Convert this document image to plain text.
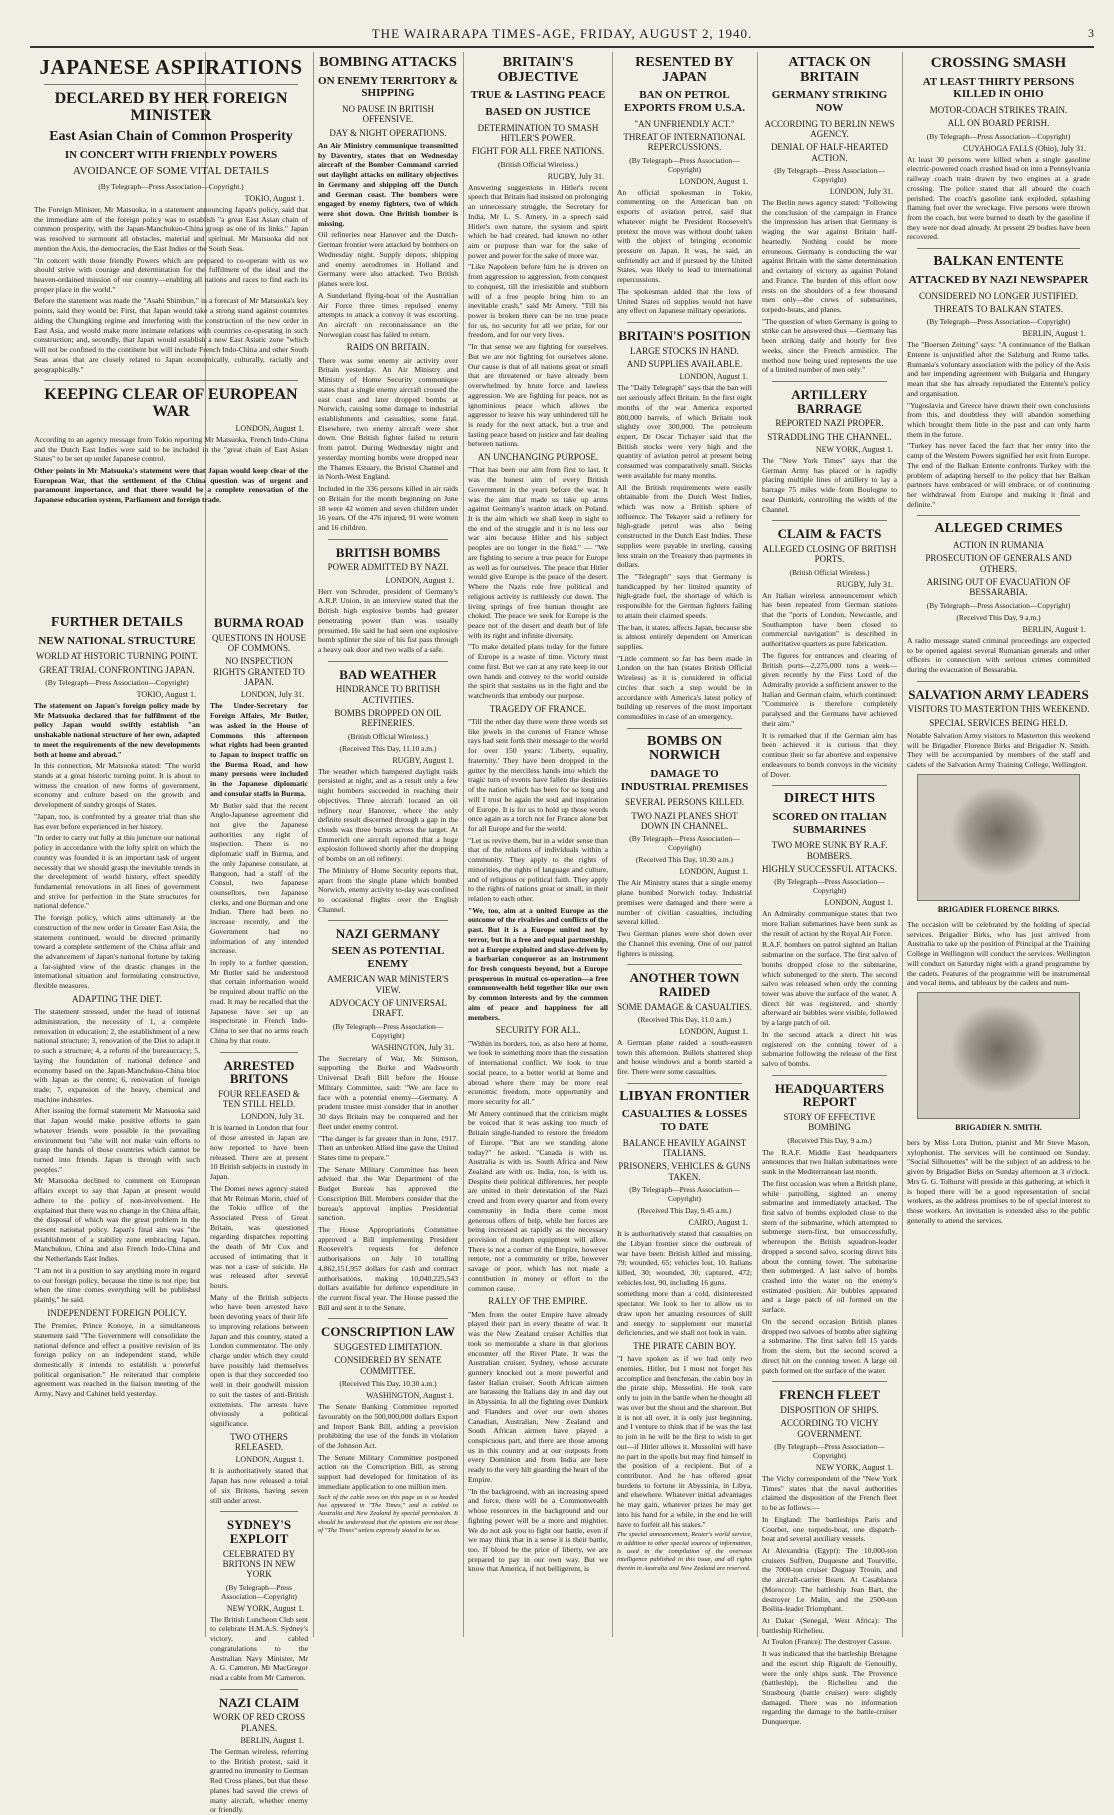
THE WAIRARAPA TIMES-AGE, FRIDAY, AUGUST 2, 1940.	3
JAPANESE ASPIRATIONS
DECLARED BY HER FOREIGN MINISTER
East Asian Chain of Common Prosperity
IN CONCERT WITH FRIENDLY POWERS
AVOIDANCE OF SOME VITAL DETAILS
(By Telegraph—Press Association—Copyright.)
TOKIO, August 1.
The Foreign Minister, Mr Matsuoka, in a statement announcing Japan's policy, said that the immediate aim of the foreign policy was to establish "a great East Asian chain of common prosperity, with the Japan-Manchukuo-China group as one of its links." Japan was resolved to surmount all obstacles, material and spiritual. Mr Matsuoka did not mention the Axis, the democracies, the East Indies or the South Seas.
"In concert with those friendly Powers which are prepared to co-operate with us we should strive with courage and determination for the fulfilment of the ideal and the heaven-ordained mission of our country—enabling all nations and races to find each its proper place in the world."
Before the statement was made the "Asahi Shimbun," in a forecast of Mr Matsuoka's key points, said they would be: First, that Japan would take a strong stand against countries aiding the Chungking regime and interfering with the construction of the new order in East Asia, and would make more intimate relations with countries co-operating in such construction; and, secondly, that Japan would establish a new East Asiatic zone "which will not be confined to the continent but will include French Indo-China and other South Seas areas that are closely related to Japan economically, culturally, racially and geographically."
KEEPING CLEAR OF EUROPEAN WAR
LONDON, August 1.
According to an agency message from Tokio reporting Mr Matsuoka, French Indo-China and the Dutch East Indies were said to be included in the "great chain of East Asian States" to be set up under Japanese control.
Other points in Mr Matsuoka's statement were that Japan would keep clear of the European War, that the settlement of the China question was of urgent and paramount importance, and that there would be a complete renovation of the Japanese education system, Parliament and foreign trade.
FURTHER DETAILS
NEW NATIONAL STRUCTURE
WORLD AT HISTORIC TURNING POINT.
GREAT TRIAL CONFRONTING JAPAN.
(By Telegraph—Press Association—Copyright)
TOKIO, August 1.
The statement on Japan's foreign policy made by Mr Matsuoka declared that for fulfilment of the policy Japan would swiftly establish "an unshakable national structure of her own, adapted to meet the requirements of the new developments both at home and abroad."
In this connection, Mr Matsuoka stated: "The world stands at a great historic turning point. It is about to witness the creation of new forms of government, economy and culture based on the growth and development of sundry groups of States.
"Japan, too, is confronted by a greater trial than she has ever before experienced in her history.
"In order to carry out fully at this juncture our national policy in accordance with the lofty spirit on which the country was founded it is an important task of urgent necessity that we should grasp the inevitable trends in the development of world history, effect speedily fundamental renovations in all lines of government and strive for perfection in the State structures for national defence."
The foreign policy, which aims ultimately at the construction of the new order in Greater East Asia, the statement continued, would be directed primarily toward a complete settlement of the China affair and the advancement of Japan's national fortune by taking a far-sighted view of the drastic changes in the international situation and formulating constructive, flexible measures.
ADAPTING THE DIET.
The statement stressed, under the head of internal administration, the necessity of 1, a complete renovation in education; 2, the establishment of a new national structure; 3, renovation of the Diet to adapt it to such a structure; 4, a reform of the bureaucracy; 5, laying the foundation of national defence and economy based on the Japan-Manchukuo-China bloc with Japan as the centre; 6, renovation of foreign trade; 7, expansion of the heavy, chemical and machine industries.
After issuing the formal statement Mr Matsuoka said that Japan would make positive efforts to gain whatever friends were possible in the prevailing environment but "she will not make vain efforts to grasp the hands of those countries which cannot be turned into friends. Japan is through with such peoples."
Mr Matsuoka declined to comment on European affairs except to say that Japan at present would adhere to the policy of non-involvement. He explained that there was no change in the China affair, the disposal of which was the great problem in the present national policy. Japan's final aim was "the establishment of a stability zone embracing Japan, Manchukuo, China and also French Indo-China and the Netherlands East Indies.
"I am not in a position to say anything more in regard to our foreign policy, because the time is not ripe; but when the time comes everything will be published plainly," he said.
INDEPENDENT FOREIGN POLICY.
The Premier, Prince Konoye, in a simultaneous statement said "The Government will consolidate the national defence and effect a positive revision of its foreign policy on an independent stand, while domestically it intends to establish a powerful political organisation." He reiterated that complete agreement was reached in the liaison meeting of the Army, Navy and Cabinet held yesterday.
BURMA ROAD
QUESTIONS IN HOUSE OF COMMONS.
NO INSPECTION RIGHTS GRANTED TO JAPAN.
LONDON, July 31.
The Under-Secretary for Foreign Affairs, Mr Butler, was asked in the House of Commons this afternoon what rights had been granted to Japan to inspect traffic on the Burma Road, and how many persons were included in the Japanese diplomatic and consular staffs in Burma.
Mr Butler said that the recent Anglo-Japanese agreement did not give the Japanese authorities any right of inspection. There is no diplomatic staff in Burma, and the only Japanese consulate, at Rangoon, had a staff of the Consul, two Japanese counsellors, two Japanese clerks, and one Burman and one Indian. There had been no increase recently, and the Government had no information of any intended increase.
In reply to a further question, Mr Butler said he understood that certain information would be required about traffic on the road. It may be recalled that the Japanese have set up an inspectorate in French Indo-China to see that no arms reach China by that route.
ARRESTED BRITONS
FOUR RELEASED & TEN STILL HELD.
LONDON, July 31.
It is learned in London that four of those arrested in Japan are now reported to have been released. There are at present 10 British subjects in custody in Japan.
The Domei news agency stated that Mr Reiman Morin, chief of the Tokio office of the Associated Press of Great Britain, was questioned regarding dispatches reporting the death of Mr Cox and accused of intimating that it was not a case of suicide. He was released after several hours.
Many of the British subjects who have been arrested have been devoting years of their life to improving relations between Japan and this country, stated a London commentator. The only charge under which they could have possibly laid themselves open is that they succeeded too well in their goodwill mission to suit the tastes of anti-British extremists. The arrests have obviously a political significance.
TWO OTHERS RELEASED.
LONDON, August 1.
It is authoritatively stated that Japan has now released a total of six Britons, having seven still under arrest.
SYDNEY'S EXPLOIT
CELEBRATED BY BRITONS IN NEW YORK
(By Telegraph—Press Association—Copyright)
NEW YORK, August 1.
The British Luncheon Club sent to celebrate H.M.A.S. Sydney's victory, and cabled congratulations to the Australian Navy Minister, Mr A. G. Cameron. Mr MacGregor read a cable from Mr Cameron.
NAZI CLAIM
WORK OF RED CROSS PLANES.
BERLIN, August 1.
The German wireless, referring to the British protest, said it granted no immunity to German Red Cross planes, but that these planes had saved the crews of many aircraft, whether enemy or friendly.
BOMBING ATTACKS
ON ENEMY TERRITORY & SHIPPING
NO PAUSE IN BRITISH OFFENSIVE.
DAY & NIGHT OPERATIONS.
An Air Ministry communique transmitted by Daventry, states that on Wednesday aircraft of the Bomber Command carried out daylight attacks on military objectives in Germany and shipping off the Dutch and German coast. The bombers were engaged by enemy fighters, two of which were shot down. One British bomber is missing.
Oil refineries near Hanover and the Dutch-German frontier were attacked by bombers on Wednesday night. Supply depots, shipping and enemy aerodromes in Holland and Germany were also attacked. Two British planes were lost.
A Sunderland flying-boat of the Australian Air Force three times repulsed enemy attempts to attack a convoy it was escorting. An aircraft on reconnaissance on the Norwegian coast has failed to return.
RAIDS ON BRITAIN.
There was some enemy air activity over Britain yesterday. An Air Ministry and Ministry of Home Security communique states that a single enemy aircraft crossed the east coast and later dropped bombs at Norwich, causing some damage to industrial establishments and casualties, some fatal. Elsewhere, two enemy aircraft were shot down. One British fighter failed to return from patrol. During Wednesday night and yesterday morning bombs were dropped near the Thames Estuary, the Bristol Channel and in North-West England.
Included in the 336 persons killed in air raids on Britain for the month beginning on June 18 were 42 women and seven children under 16 years. Of the 476 injured, 91 were women and 16 children.
BRITISH BOMBS
POWER ADMITTED BY NAZI.
LONDON, August 1.
Herr von Schroder, president of Germany's A.R.P. Union, in an interview stated that the British high explosive bombs had greater penetrating power than was usually presumed. He said he had seen one explosive bomb splinter the size of his fist pass through a heavy oak door and two walls of a safe.
BAD WEATHER
HINDRANCE TO BRITISH ACTIVITIES.
BOMBS DROPPED ON OIL REFINERIES.
(British Official Wireless.)
(Received This Day, 11.10 a.m.)
RUGBY, August 1.
The weather which hampered daylight raids persisted at night, and as a result only a few night bombers succeeded in reaching their objectives. Three aircraft located an oil refinery near Hanover, where the only definite result discerned through a gap in the clouds was three bursts across the target. At Emmerich one aircraft reported that a huge explosion followed shortly after the dropping of bombs on an oil refinery.
The Ministry of Home Security reports that, apart from the single plane which bombed Norwich, enemy activity to-day was confined to occasional flights over the English Channel.
NAZI GERMANY
SEEN AS POTENTIAL ENEMY
AMERICAN WAR MINISTER'S VIEW.
ADVOCACY OF UNIVERSAL DRAFT.
(By Telegraph—Press Association—Copyright)
WASHINGTON, July 31.
The Secretary of War, Mr Stimson, supporting the Burke and Wadsworth Universal Draft Bill before the House Military Committee, said: "We are face to face with a potential enemy—Germany. A prudent trustee must consider that in another 30 days Britain may be conquered and her fleet under enemy control.
"The danger is far greater than in June, 1917. Then an unbroken Allied line gave the United States time to prepare."
The Senate Military Committee has been advised that the War Department of the Budget Bureau has approved the Conscription Bill. Members consider that the bureau's approval implies Presidential sanction.
The House Appropriations Committee approved a Bill implementing President Roosevelt's requests for defence authorisations on July 10 totalling 4,862,151,957 dollars for cash and contract authorisations, making 10,040,225,543 dollars available for defence expenditure in the current fiscal year. The House passed the Bill and sent it to the Senate.
CONSCRIPTION LAW
SUGGESTED LIMITATION.
CONSIDERED BY SENATE COMMITTEE.
(Received This Day, 10.30 a.m.)
WASHINGTON, August 1.
The Senate Banking Committee reported favourably on the 500,000,000 dollars Export and Import Bank Bill, adding a provision prohibiting the use of the funds in violation of the Johnson Act.
The Senate Military Committee postponed action on the Conscription Bill, as strong support had developed for limitation of its immediate application to one million men.
Such of the cable news on this page as is so headed has appeared in "The Times," and is cabled to Australia and New Zealand by special permission. It should be understood that the opinions are not those of "The Times" unless expressly stated to be so.
BRITAIN'S OBJECTIVE
TRUE & LASTING PEACE
BASED ON JUSTICE
DETERMINATION TO SMASH HITLER'S POWER.
FIGHT FOR ALL FREE NATIONS.
(British Official Wireless.)
RUGBY, July 31.
Answering suggestions in Hitler's recent speech that Britain had insisted on prolonging an unnecessary struggle, the Secretary for India, Mr L. S. Amery, in a speech said Hitler's own nature, the system and spirit which he had created, had known no other aim or purpose than war for the sake of power and power for the sake of more war.
"Like Napoleon before him he is driven on from aggression to aggression, from conquest to conquest, till the irresistible and stubborn will of a free people bring him to an inevitable crash," said Mr Amery. "Till his power is broken there can be no true peace for us, no security for all we prize, for our freedom, and for our very lives.
"In that sense we are fighting for ourselves. But we are not fighting for ourselves alone. Our cause is that of all nations great or small that are threatened or have already been overwhelmed by brute force and lawless aggression. We are fighting for peace, not as ignominious peace which allows the aggressor to leave his way unhindered till he is ready for the next attack, but a true and lasting peace based on justice and fair dealing between nations.
AN UNCHANGING PURPOSE.
"That has been our aim from first to last. It was the honest aim of every British Government in the years before the war. It was the aim that made us take up arms against Germany's wanton attack on Poland. It is the aim which we shall keep in sight to the end of the struggle and it is no less our war aim because Hitler and his subject peoples are no longer in the field." — "We are fighting to secure a true peace for Europe as well as for ourselves. The peace that Hitler would give Europe is the peace of the desert. Where the Nazis rule free political and religious activity is ruthlessly cut down. The living springs of free human thought are choked. The peace we seek for Europe is the peace not of the desert and death but of life with its right and infinite diversity.
"To make detailed plans today for the future of Europe is a waste of time. Victory must come first. But we can at any rate keep in our own hands and convey to the world outside the spirit that sustains us in the fight and the watchwords that embody our purpose.
TRAGEDY OF FRANCE.
"Till the other day there were three words set like jewels in the coronet of France whose rays had sent forth their message to the world for over 150 years: 'Liberty, equality, fraternity.' They have been dropped in the gutter by the merciless hands into which the tragic turn of events have fallen the destinies of the nation which has been for so long and will I trust be again the soul and inspiration of Europe. It is for us to hold up those words once again as a torch not for France alone but for all Europe and for the world.
"Let us revive them, but in a wider sense than that of the relations of individuals within a community. They apply to the rights of minorities, the rights of language and culture, and of religious or political faith. They apply to the rights of nations great or small, in their relation to each other.
"We, too, aim at a united Europe as the outcome of the rivalries and conflicts of the past. But it is a Europe united not by terror, but in a free and equal partnership, not a Europe exploited and slave-driven by a barbarian conqueror as an instrument for fresh conquests beyond, but a Europe prosperous in mutual co-operation—a free commonwealth held together like our own by common interests and by the common aim of peace and happiness for all members.
SECURITY FOR ALL.
"Within its borders, too, as also here at home, we look to something more than the cessation of international conflict. We look to true social peace, to a better world at home and abroad where there may be more real economic freedom, more opportunity and more security for all."
Mr Amery continued that the criticism might be voiced that it was asking too much of Britain single-handed to restore the freedom of Europe. "But are we standing alone today?" he asked. "Canada is with us. Australia is with us. South Africa and New Zealand are with us. India, too, is with us. Despite their political differences, her people are united in their detestation of the Nazi creed and from every quarter and from every community in India there come most generous offers of help, while her forces are being increased as rapidly as the necessary provision of modern equipment will allow. There is not a corner of the Empire, however remote, not a community or tribe, however savage or poor, which has not made a contribution in money or effort to the common cause.
RALLY OF THE EMPIRE.
"Men from the outer Empire have already played their part in every theatre of war. It was the New Zealand cruiser Achilles that took so memorable a share in that glorious encounter off the River Plate. It was the Australian cruiser, Sydney, whose accurate gunnery knocked out a more powerful and faster Italian cruiser. South African airmen are harassing the Italians day in and day out in Abyssinia. In all the fighting over Dunkirk and Flanders and over our own shores Canadian, Australian, New Zealand and South African airmen have played a conspicuous part, and there are those among us in this country and at our outposts from every Dominion and from India are here ready to the very hilt guarding the heart of the Empire.
"In the background, with an increasing speed and force, there will be a Commonwealth whose resources in the background and our fighting power will be a more and mightier. We do not ask you to fight our battle, even if we may think that in a sense it is their battle, too. If blood be the price of liberty, we are prepared to pay in our own way. But we know that America, if not belligerent, is
RESENTED BY JAPAN
BAN ON PETROL EXPORTS FROM U.S.A.
"AN UNFRIENDLY ACT."
THREAT OF INTERNATIONAL REPERCUSSIONS.
(By Telegraph—Press Association—Copyright)
LONDON, August 1.
An official spokesman in Tokio, commenting on the American ban on exports of aviation petrol, said that whatever might be President Roosevelt's pretext the move was without doubt taken with the object of bringing economic pressure on Japan. It was, he said, an unfriendly act and if pursued by the United States, was likely to lead to international repercussions.
The spokesman added that the loss of United States oil supplies would not have any effect on Japanese military operations.
BRITAIN'S POSITION
LARGE STOCKS IN HAND.
AND SUPPLIES AVAILABLE.
LONDON, August 1.
The "Daily Telegraph" says that the ban will not seriously affect Britain. In the first eight months of the war America exported 800,000 barrels, of which Britain took slightly over 300,000. The petroleum expert, Dr Oscar Tichayer said that the British stocks were very high and the quantity of aviation petrol at present being consumed was comparatively small. Stocks were available for many months.
All the British requirements were easily obtainable from the Dutch West Indies, which was now a British sphere of influence. The Tekayer said a refinery for high-grade petrol was also being constructed in the Dutch East Indies. These supplies were payable in sterling, causing less strain on the Treasury than payments in dollars.
The "Telegraph" says that Germany is handicapped by her limited quantity of high-grade fuel, the shortage of which is responsible for the German fighters failing to attain their claimed speeds.
The ban, it states, affects Japan, because she is almost entirely dependent on American supplies.
"Little comment so far has been made in London on the ban (states British Official Wireless) as it is considered in official circles that such a step would be in accordance with America's latest policy of building up reserves of the most important commodities in case of an emergency.
BOMBS ON NORWICH
DAMAGE TO INDUSTRIAL PREMISES
SEVERAL PERSONS KILLED.
TWO NAZI PLANES SHOT DOWN IN CHANNEL.
(By Telegraph—Press Association—Copyright)
(Received This Day, 10.30 a.m.)
LONDON, August 1.
The Air Ministry states that a single enemy plane bombed Norwich today. Industrial premises were damaged and there were a number of civilian casualties, including several killed.
Two German planes were shot down over the Channel this evening. One of our patrol fighters is missing.
ANOTHER TOWN RAIDED
SOME DAMAGE & CASUALTIES.
(Received This Day, 11.0 a.m.)
LONDON, August 1.
A German plane raided a south-eastern town this afternoon. Bullets shattered shop and house windows and a bomb started a fire. There were some casualties.
LIBYAN FRONTIER
CASUALTIES & LOSSES TO DATE
BALANCE HEAVILY AGAINST ITALIANS.
PRISONERS, VEHICLES & GUNS TAKEN.
(By Telegraph—Press Association—Copyright)
(Received This Day, 9.45 a.m.)
CAIRO, August 1.
It is authoritatively stated that casualties on the Libyan frontier since the outbreak of war have been: British killed and missing, 79; wounded, 65; vehicles lost, 10. Italians killed, 30; wounded, 30; captured, 472; vehicles lost, 90, including 16 guns.
something more than a cold, disinterested spectator. We look to her to allow us to draw upon her amazing resources of skill and energy to supplement our material deficiencies, and we shall not look in vain.
THE PIRATE CABIN BOY.
"I have spoken as if we had only two enemies, Hitler, but I must not forget his accomplice and henchman, the cabin boy in the pirate ship, Mussolini. He took care only to join in the battle when he thought all was over but the shout and the shareout. But it is not all over, it is only just beginning, and I venture to think that if he was the last to join in he will be the first to wish to get out—if Hitler allows it. Mussolini will have no part in the spoils but may find himself in the position of a recipient. But of a contributor. And he has offered great burdens to fortune in Abyssinia, in Libya, and elsewhere. Whatever initial advantages he may gain, whatever prizes he may get into his hand for a while, in the end he will have to forfeit all his stakes."
The special announcement, Reuter's world service, in addition to other special sources of information, is used in the compilation of the overseas intelligence published in this issue, and all rights therein in Australia and New Zealand are reserved.
ATTACK ON BRITAIN
GERMANY STRIKING NOW
ACCORDING TO BERLIN NEWS AGENCY.
DENIAL OF HALF-HEARTED ACTION.
(By Telegraph—Press Association—Copyright)
LONDON, July 31.
The Berlin news agency stated: "Following the conclusion of the campaign in France the impression has arisen that Germany is waging the war against Britain half-heartedly. Nothing could be more erroneous. Germany is conducting the war against Britain with the same determination and certainty of victory as against Poland and France. The burden of this effort now rests on the shoulders of a few thousand men only—the crews of submarines, torpedo-boats, and planes.
"The question of when Germany is going to strike can be answered thus —Germany has been striking daily and hourly for five weeks, since the French armistice. The method now being used represents the use of a limited number of men only."
ARTILLERY BARRAGE
REPORTED NAZI PROPER.
STRADDLING THE CHANNEL.
NEW YORK, August 1.
The "New York Times" says that the German Army has placed or is rapidly placing multiple lines of artillery to lay a barrage 75 miles wide from Boulogne to near Dunkirk, controlling the width of the Channel.
CLAIM & FACTS
ALLEGED CLOSING OF BRITISH PORTS.
(British Official Wireless.)
RUGBY, July 31.
An Italian wireless announcement which has been repeated from German stations that the "ports of London, Newcastle, and Southampton have been closed to commercial navigation" is described in authoritative quarters as pure fabrication.
The figures for entrances and clearing of British ports—2,275,000 tons a week—given recently by the First Lord of the Admiralty provide a sufficient answer to the Italian and German claim, which continued: "Commerce is therefore completely paralysed and the Germans have achieved their aim."
It is remarked that if the German aim has been achieved it is curious that they continue their so far abortive and expensive endeavours to bomb convoys in the vicinity of Dover.
DIRECT HITS
SCORED ON ITALIAN SUBMARINES
TWO MORE SUNK BY R.A.F. BOMBERS.
HIGHLY SUCCESSFUL ATTACKS.
(By Telegraph—Press Association—Copyright)
LONDON, August 1.
An Admiralty communique states that two more Italian submarines have been sunk as the result of action by the Royal Air Force.
R.A.F. bombers on patrol sighted an Italian submarine on the surface. The first salvo of bombs dropped close to the submarine, which submerged to the stern. The second salvo was released when only the conning tower was above the surface of the water. A direct hit was registered, and shortly afterward air bubbles were visible, followed by a large patch of oil.
In the second attack a direct hit was registered on the conning tower of a submarine following the release of the first salvo of bombs.
HEADQUARTERS REPORT
STORY OF EFFECTIVE BOMBING
(Received This Day, 9 a.m.)
The R.A.F. Middle East headquarters announces that two Italian submarines were sunk in the Mediterranean last month.
The first occasion was when a British plane, while patrolling, sighted an enemy submarine and immediately attacked. The first salvo of bombs exploded close to the stern of the submarine, which attempted to submerge stern-first, but unsuccessfully, whereupon the British squadron-leader dropped a second salvo, scoring direct hits about the conning tower. The submarine then submerged. A last salvo of bombs crashed into the water on the enemy's estimated position. Air bubbles appeared and a large patch of oil formed on the surface.
On the second occasion British planes dropped two salvoes of bombs after sighting a submarine. The first salvo fell 15 yards from the stern, but the second scored a direct hit on the conning tower. A large oil patch formed on the surface of the water.
FRENCH FLEET
DISPOSITION OF SHIPS.
ACCORDING TO VICHY GOVERNMENT.
(By Telegraph—Press Association—Copyright)
NEW YORK, August 1.
The Vichy correspondent of the "New York Times" states that the naval authorities claimed the disposition of the French fleet to be as follows:—
In England: The battleships Paris and Courbet, one torpedo-boat, one dispatch-boat and several auxiliary vessels.
At Alexandria (Egypt): The 10,000-ton cruisers Suffren, Duquesne and Tourville, the 7000-ton cruiser Duguay Trouin, and the aircraft-carrier Bearn. At Casablanca (Morocco): The battleship Jean Bart, the destroyer Le Malin, and the 2500-ton Boilita-leader Triomphant.
At Dakar (Senegal, West Africa): The battleship Richelieu.
At Toulon (France): The destroyer Cassue.
It was indicated that the battleship Bretagne and the escort ship Rigault de Genouilly, were the only ships sunk. The Provence (battleship), the Richelieu and the Strasbourg (battle cruiser) were slightly damaged. There was no information regarding the damage to the battle-cruiser Dunquerque.
CROSSING SMASH
AT LEAST THIRTY PERSONS KILLED IN OHIO
MOTOR-COACH STRIKES TRAIN.
ALL ON BOARD PERISH.
(By Telegraph—Press Association—Copyright)
CUYAHOGA FALLS (Ohio), July 31.
At least 30 persons were killed when a single gasoline electric-powered coach crashed head on into a Pennsylvania railway coach train drawn by two engines at a grade crossing. The police stated that all aboard the coach perished. The coach's gasoline tank exploded, splashing flaming fuel over the wreckage. Five persons were thrown from the coach, but were burned to death by the gasoline if they were not dead already. At present 29 bodies have been recovered.
BALKAN ENTENTE
ATTACKED BY NAZI NEWSPAPER
CONSIDERED NO LONGER JUSTIFIED.
THREATS TO BALKAN STATES.
(By Telegraph—Press Association—Copyright)
BERLIN, August 1.
The "Boersen Zeitung" says: "A continuance of the Balkan Entente is unjustified after the Salzburg and Rome talks. Rumania's voluntary association with the policy of the Axis and her impending agreement with Bulgaria and Hungary mean that she has already repudiated the Entente's policy and organisation.
"Yugoslavia and Greece have drawn their own conclusions from this, and doubtless they will abandon something which brought them little in the past and can only harm them in the future.
"Turkey has never faced the fact that her entry into the camp of the Western Powers signified her exit from Europe. The end of the Balkan Entente confronts Turkey with the problem of adapting herself to the policy that her Balkan partners have embraced or will embrace, or of continuing her withdrawal from Europe and making it final and definite."
ALLEGED CRIMES
ACTION IN RUMANIA
PROSECUTION OF GENERALS AND OTHERS.
ARISING OUT OF EVACUATION OF BESSARABIA.
(By Telegraph—Press Association—Copyright)
(Received This Day, 9 a.m.)
BERLIN, August 1.
A radio message stated criminal proceedings are expected to be opened against several Rumanian generals and other officers in connection with serious crimes committed during the evacuation of Bessarabia.
SALVATION ARMY LEADERS
VISITORS TO MASTERTON THIS WEEKEND.
SPECIAL SERVICES BEING HELD.
Notable Salvation Army visitors to Masterton this weekend will be Brigadier Florence Birks and Brigadier N. Smith. They will be accompanied by members of the staff and cadets of the Salvation Army Training College, Wellington.
BRIGADIER FLORENCE BIRKS.
The occasion will be celebrated by the holding of special services. Brigadier Birks, who has just arrived from Australia to take up the position of Principal at the Training College in Wellington will conduct the services. Wellington will conduct on Saturday night with a grand programme by the cadets. Features of the programme will be instrumental and vocal items, and tableaux by the cadets and num-
BRIGADIER N. SMITH.
bers by Miss Lora Dutton, pianist and Mr Steve Mason, xylophonist. The services will be continued on Sunday. "Social Silhouettes" will be the subject of an address to be given by Brigadier Birks on Sunday afternoon at 3 o'clock. Mrs G. G. Tolhurst will preside at this gathering, at which it is hoped there will be a good representation of social workers, as the address promises to be of special interest to those workers. An invitation is extended also to the public generally to attend the services.
